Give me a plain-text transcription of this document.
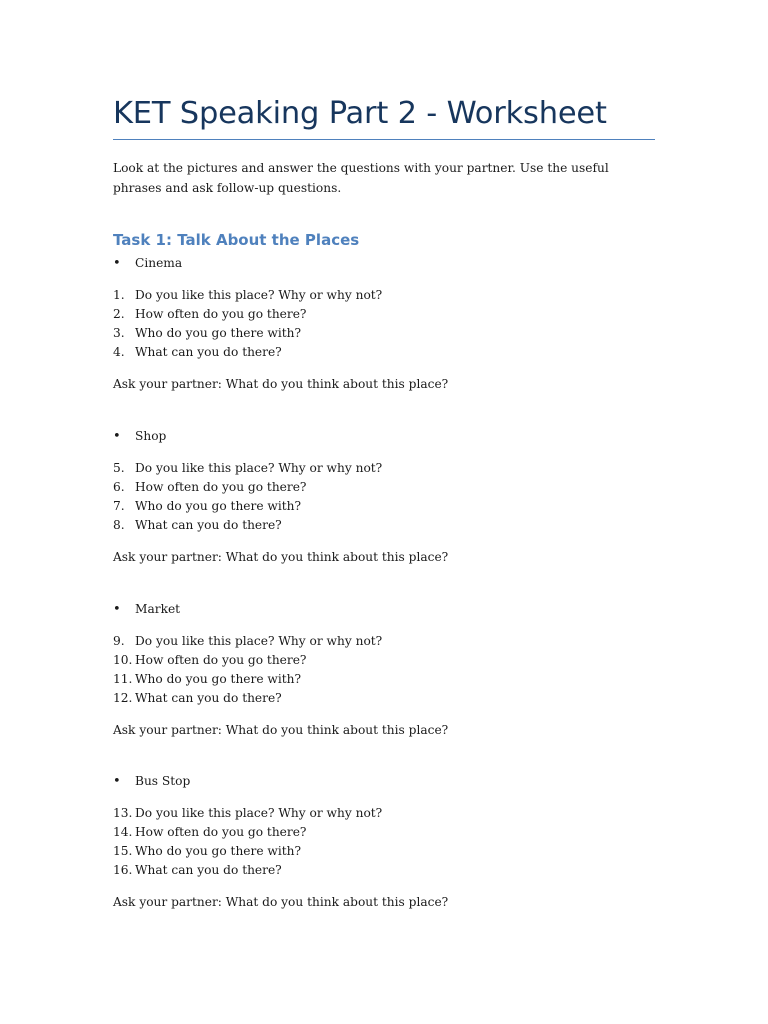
KET Speaking Part 2 - Worksheet

Look at the pictures and answer the questions with your partner. Use the useful phrases and ask follow-up questions.

Task 1: Talk About the Places
• Cinema
1. Do you like this place? Why or why not?
2. How often do you go there?
3. Who do you go there with?
4. What can you do there?
Ask your partner: What do you think about this place?
• Shop
5. Do you like this place? Why or why not?
6. How often do you go there?
7. Who do you go there with?
8. What can you do there?
Ask your partner: What do you think about this place?
• Market
9. Do you like this place? Why or why not?
10. How often do you go there?
11. Who do you go there with?
12. What can you do there?
Ask your partner: What do you think about this place?
• Bus Stop
13. Do you like this place? Why or why not?
14. How often do you go there?
15. Who do you go there with?
16. What can you do there?
Ask your partner: What do you think about this place?
